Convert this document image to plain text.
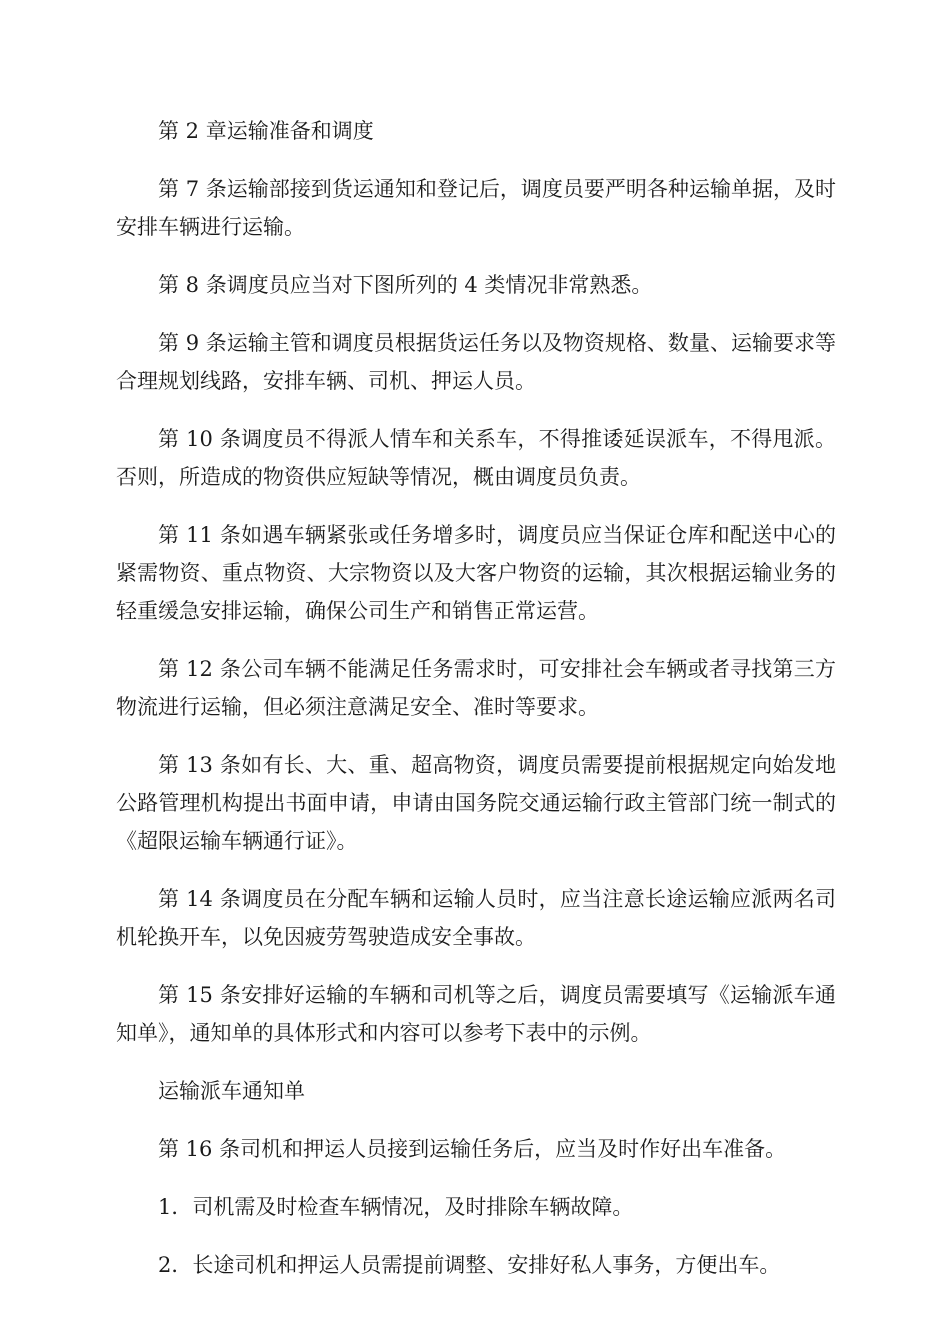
第 2 章运输准备和调度

第 7 条运输部接到货运通知和登记后，调度员要严明各种运输单据，及时安排车辆进行运输。

第 8 条调度员应当对下图所列的 4 类情况非常熟悉。

第 9 条运输主管和调度员根据货运任务以及物资规格、数量、运输要求等合理规划线路，安排车辆、司机、押运人员。

第 10 条调度员不得派人情车和关系车，不得推诿延误派车，不得甩派。否则，所造成的物资供应短缺等情况，概由调度员负责。

第 11 条如遇车辆紧张或任务增多时，调度员应当保证仓库和配送中心的紧需物资、重点物资、大宗物资以及大客户物资的运输，其次根据运输业务的轻重缓急安排运输，确保公司生产和销售正常运营。

第 12 条公司车辆不能满足任务需求时，可安排社会车辆或者寻找第三方物流进行运输，但必须注意满足安全、准时等要求。

第 13 条如有长、大、重、超高物资，调度员需要提前根据规定向始发地公路管理机构提出书面申请，申请由国务院交通运输行政主管部门统一制式的《超限运输车辆通行证》。

第 14 条调度员在分配车辆和运输人员时，应当注意长途运输应派两名司机轮换开车，以免因疲劳驾驶造成安全事故。

第 15 条安排好运输的车辆和司机等之后，调度员需要填写《运输派车通知单》，通知单的具体形式和内容可以参考下表中的示例。

运输派车通知单

第 16 条司机和押运人员接到运输任务后，应当及时作好出车准备。

1．司机需及时检查车辆情况，及时排除车辆故障。

2．长途司机和押运人员需提前调整、安排好私人事务，方便出车。
